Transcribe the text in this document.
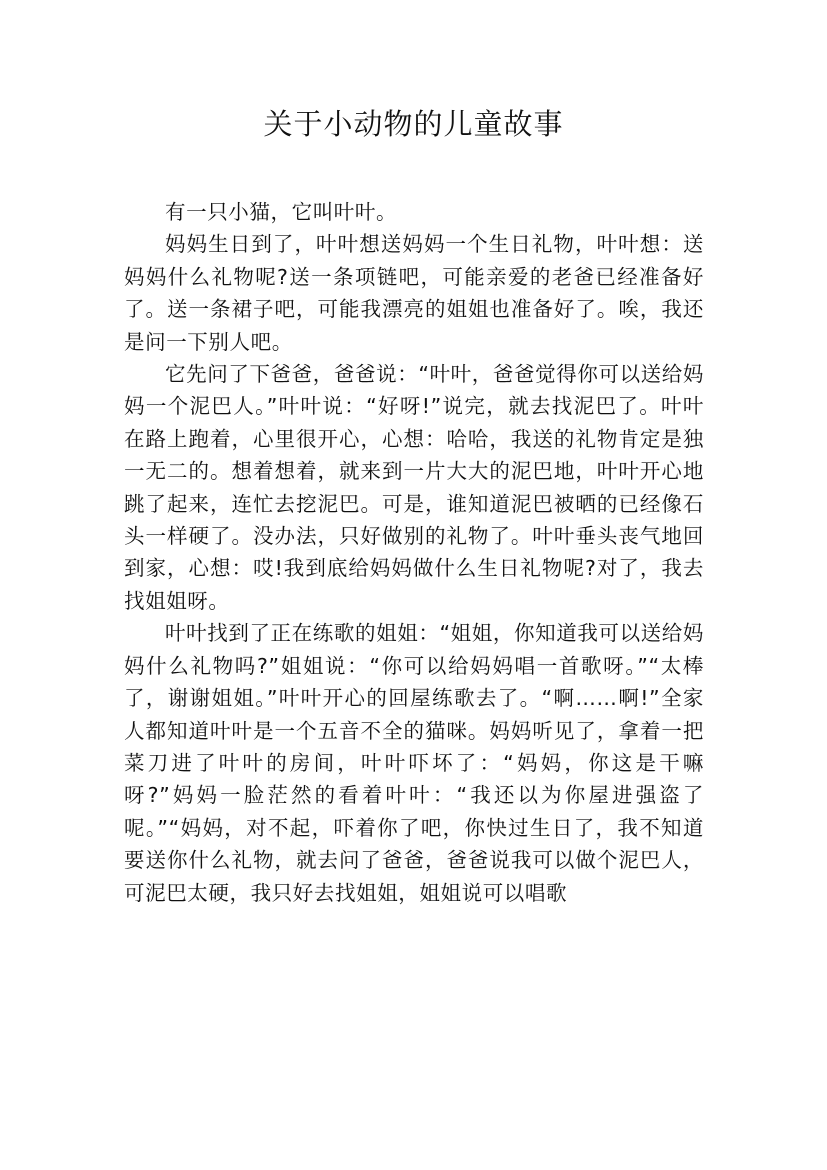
关于小动物的儿童故事

有一只小猫，它叫叶叶。

妈妈生日到了，叶叶想送妈妈一个生日礼物，叶叶想：送妈妈什么礼物呢?送一条项链吧，可能亲爱的老爸已经准备好了。送一条裙子吧，可能我漂亮的姐姐也准备好了。唉，我还是问一下别人吧。

它先问了下爸爸，爸爸说：“叶叶，爸爸觉得你可以送给妈妈一个泥巴人。”叶叶说：“好呀!”说完，就去找泥巴了。叶叶在路上跑着，心里很开心，心想：哈哈，我送的礼物肯定是独一无二的。想着想着，就来到一片大大的泥巴地，叶叶开心地跳了起来，连忙去挖泥巴。可是，谁知道泥巴被晒的已经像石头一样硬了。没办法，只好做别的礼物了。叶叶垂头丧气地回到家，心想：哎!我到底给妈妈做什么生日礼物呢?对了，我去找姐姐呀。

叶叶找到了正在练歌的姐姐：“姐姐，你知道我可以送给妈妈什么礼物吗?”姐姐说：“你可以给妈妈唱一首歌呀。”“太棒了，谢谢姐姐。”叶叶开心的回屋练歌去了。“啊……啊!”全家人都知道叶叶是一个五音不全的猫咪。妈妈听见了，拿着一把菜刀进了叶叶的房间，叶叶吓坏了：“妈妈，你这是干嘛呀?”妈妈一脸茫然的看着叶叶：“我还以为你屋进强盗了呢。”“妈妈，对不起，吓着你了吧，你快过生日了，我不知道要送你什么礼物，就去问了爸爸，爸爸说我可以做个泥巴人，可泥巴太硬，我只好去找姐姐，姐姐说可以唱歌
